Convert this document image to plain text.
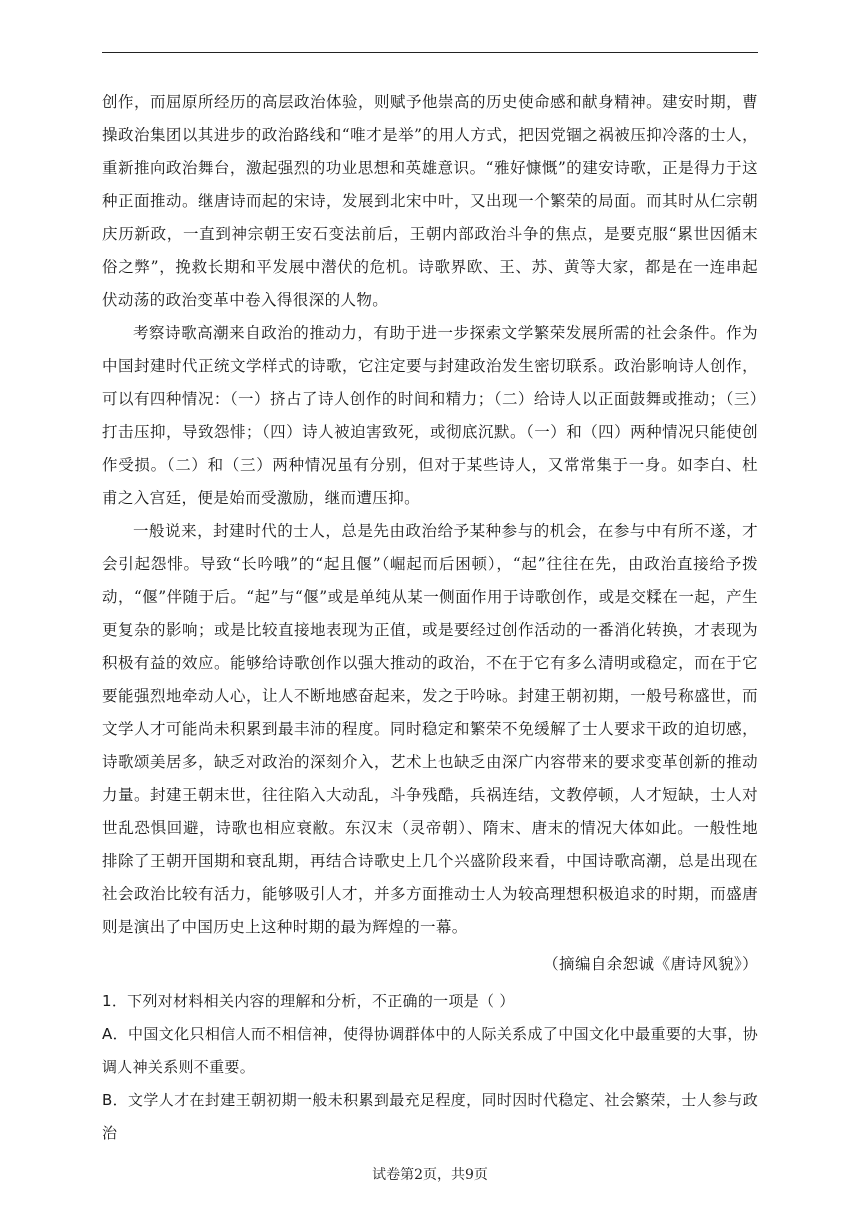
创作，而屈原所经历的高层政治体验，则赋予他崇高的历史使命感和献身精神。建安时期，曹操政治集团以其进步的政治路线和“唯才是举”的用人方式，把因党锢之祸被压抑冷落的士人，重新推向政治舞台，激起强烈的功业思想和英雄意识。“雅好慷慨”的建安诗歌，正是得力于这种正面推动。继唐诗而起的宋诗，发展到北宋中叶，又出现一个繁荣的局面。而其时从仁宗朝庆历新政，一直到神宗朝王安石变法前后，王朝内部政治斗争的焦点，是要克服“累世因循末俗之弊”，挽救长期和平发展中潜伏的危机。诗歌界欧、王、苏、黄等大家，都是在一连串起伏动荡的政治变革中卷入得很深的人物。

考察诗歌高潮来自政治的推动力，有助于进一步探索文学繁荣发展所需的社会条件。作为中国封建时代正统文学样式的诗歌，它注定要与封建政治发生密切联系。政治影响诗人创作，可以有四种情况：（一）挤占了诗人创作的时间和精力；（二）给诗人以正面鼓舞或推动；（三）打击压抑，导致怨悱；（四）诗人被迫害致死，或彻底沉默。（一）和（四）两种情况只能使创作受损。（二）和（三）两种情况虽有分别，但对于某些诗人，又常常集于一身。如李白、杜甫之入宫廷，便是始而受激励，继而遭压抑。

一般说来，封建时代的士人，总是先由政治给予某种参与的机会，在参与中有所不遂，才会引起怨悱。导致“长吟哦”的“起且偃”（崛起而后困顿），“起”往往在先，由政治直接给予拨动，“偃”伴随于后。“起”与“偃”或是单纯从某一侧面作用于诗歌创作，或是交糅在一起，产生更复杂的影响；或是比较直接地表现为正值，或是要经过创作活动的一番消化转换，才表现为积极有益的效应。能够给诗歌创作以强大推动的政治，不在于它有多么清明或稳定，而在于它要能强烈地牵动人心，让人不断地感奋起来，发之于吟咏。封建王朝初期，一般号称盛世，而文学人才可能尚未积累到最丰沛的程度。同时稳定和繁荣不免缓解了士人要求干政的迫切感，诗歌颂美居多，缺乏对政治的深刻介入，艺术上也缺乏由深广内容带来的要求变革创新的推动力量。封建王朝末世，往往陷入大动乱，斗争残酷，兵祸连结，文教停顿，人才短缺，士人对世乱恐惧回避，诗歌也相应衰敝。东汉末（灵帝朝）、隋末、唐末的情况大体如此。一般性地排除了王朝开国期和衰乱期，再结合诗歌史上几个兴盛阶段来看，中国诗歌高潮，总是出现在社会政治比较有活力，能够吸引人才，并多方面推动士人为较高理想积极追求的时期，而盛唐则是演出了中国历史上这种时期的最为辉煌的一幕。

（摘编自余恕诚《唐诗风貌》）

1．下列对材料相关内容的理解和分析，不正确的一项是（ ）

A．中国文化只相信人而不相信神，使得协调群体中的人际关系成了中国文化中最重要的大事，协调人神关系则不重要。

B．文学人才在封建王朝初期一般未积累到最充足程度，同时因时代稳定、社会繁荣，士人参与政治

试卷第2页，共9页
